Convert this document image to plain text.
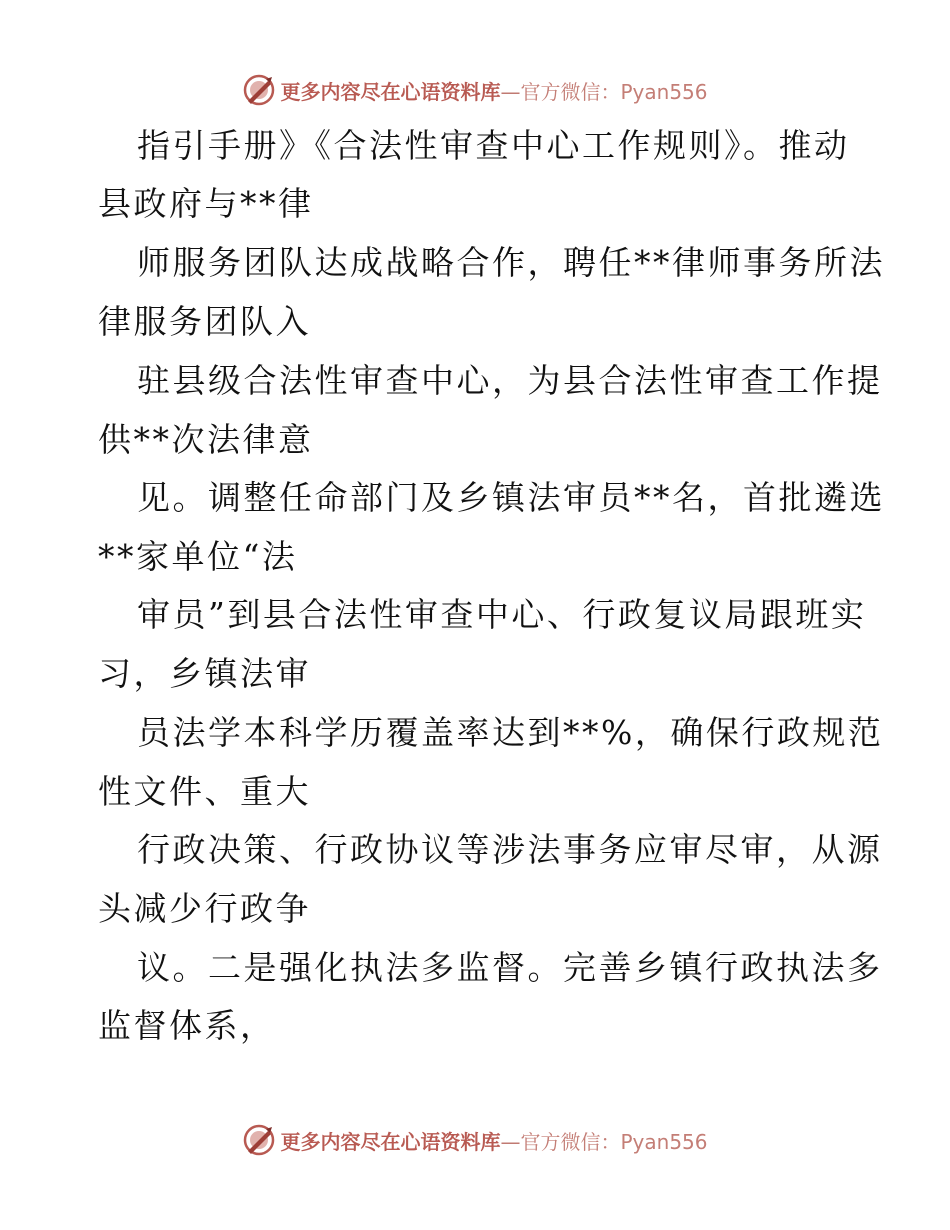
更多内容尽在心语资料库—官方微信：Pyan556
指引手册》《合法性审查中心工作规则》。推动
县政府与**律
师服务团队达成战略合作，聘任**律师事务所法
律服务团队入
驻县级合法性审查中心，为县合法性审查工作提
供**次法律意
见。调整任命部门及乡镇法审员**名，首批遴选
**家单位“法
审员”到县合法性审查中心、行政复议局跟班实
习，乡镇法审
员法学本科学历覆盖率达到**%，确保行政规范
性文件、重大
行政决策、行政协议等涉法事务应审尽审，从源
头减少行政争
议。二是强化执法多监督。完善乡镇行政执法多
监督体系，
更多内容尽在心语资料库—官方微信：Pyan556
